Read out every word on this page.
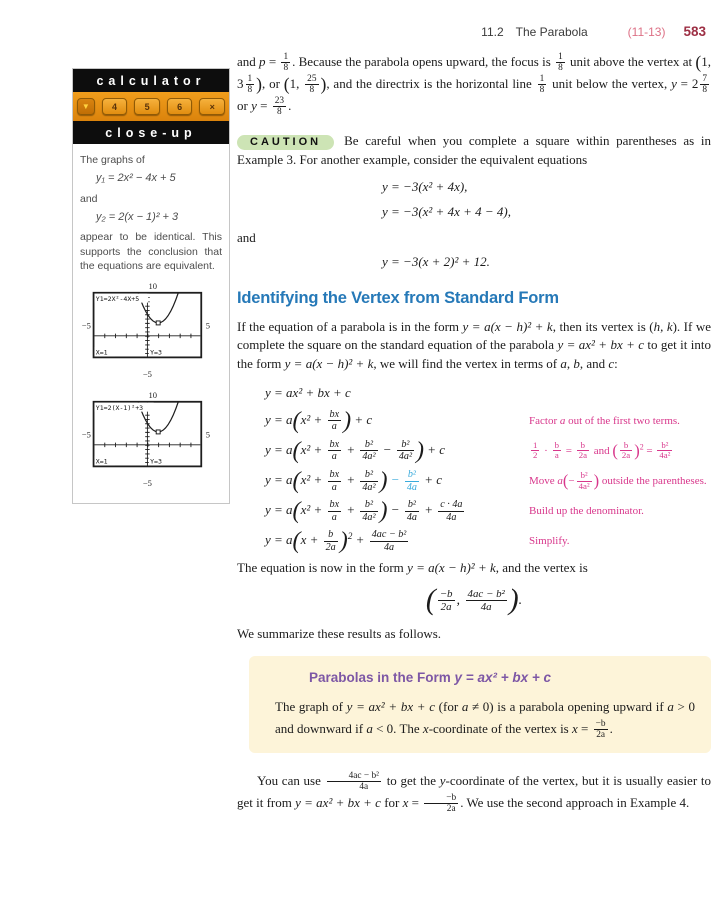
11.2 The Parabola	(11-13) 583
calculator
▼	4	5	6	×
close-up

The graphs of

y₁ = 2x² − 4x + 5

and

y₂ = 2(x − 1)² + 3

appear to be identical. This supports the conclusion that the equations are equivalent.

10
−5	5
−5
Y1=2X²-4X+5
X=1	Y=3
10
−5	5
−5
Y1=2(X-1)²+3
X=1	Y=3

and $p = \frac{1}{8}$ . Because the parabola opens upward, the focus is $\frac{1}{8}$ unit above the vertex at (1, $3 \frac{1}{8}$ ), or (1, $\frac{25}{8}$ ), and the directrix is the horizontal line $\frac{1}{8}$ unit below the vertex, $y = 2 \frac{7}{8}$
or $y = \frac{23}{8}$ .

CAUTION Be careful when you complete a square within parentheses as in Example 3. For another example, consider the equivalent equations

y = −3(x² + 4x),

y = −3(x² + 4x + 4 − 4),

and

y = −3(x + 2)² + 12.

Identifying the Vertex from Standard Form

If the equation of a parabola is in the form y = a(x − h)² + k, then its vertex is (h, k). If we complete the square on the standard equation of the parabola y = ax² + bx + c to get it into the form y = a(x − h)² + k, we will find the vertex in terms of a, b, and c:

y = ax² + bx + c
$y = a(x^2 + \frac{bx}{a}$ ) + c	Factor a out of the first two terms.
$y = a(x^2 + \frac{bx}{a} + \frac{\text{b²}}{\text{4a²}} - \frac{\text{b²}}{\text{4a²}}$ ) + c	$\frac{1}{2} \cdot \frac{b}{a} = \frac{b}{2a}$ and ( $\frac{b}{2a} )^2 = \frac{\text{b²}}{\text{4a²}}$
$y = a(x^2 + \frac{bx}{a} + \frac{\text{b²}}{\text{4a²}}$ ) − $\frac{\text{b²}}{4a} + c$	Move $a(- \frac{\text{b²}}{\text{4a²}}$ ) outside the parentheses.
$y = a(x^2 + \frac{bx}{a} + \frac{\text{b²}}{\text{4a²}}$ ) − $\frac{\text{b²}}{4a} + \frac{c \cdot 4a}{4a}$	Build up the denominator.
$y = a(x + \frac{b}{2a} )^2 + \frac{\text{4ac − b²}}{4a}$	Simplify.

The equation is now in the form y = a(x − h)² + k, and the vertex is

( $\frac{-b}{2a}$ , $\frac{\text{4ac − b²}}{4a}$ ).

We summarize these results as follows.

Parabolas in the Form y = ax² + bx + c

The graph of y = ax² + bx + c (for a ≠ 0) is a parabola opening upward if a > 0 and downward if a < 0. The x-coordinate of the vertex is $x = \frac{-b}{2a}$ .

You can use $\frac{\text{4ac − b²}}{4a}$ to get the y-coordinate of the vertex, but it is usually easier to get it from y = ax² + bx + c for $x = \frac{-b}{2a}$ . We use the second approach in Example 4.
